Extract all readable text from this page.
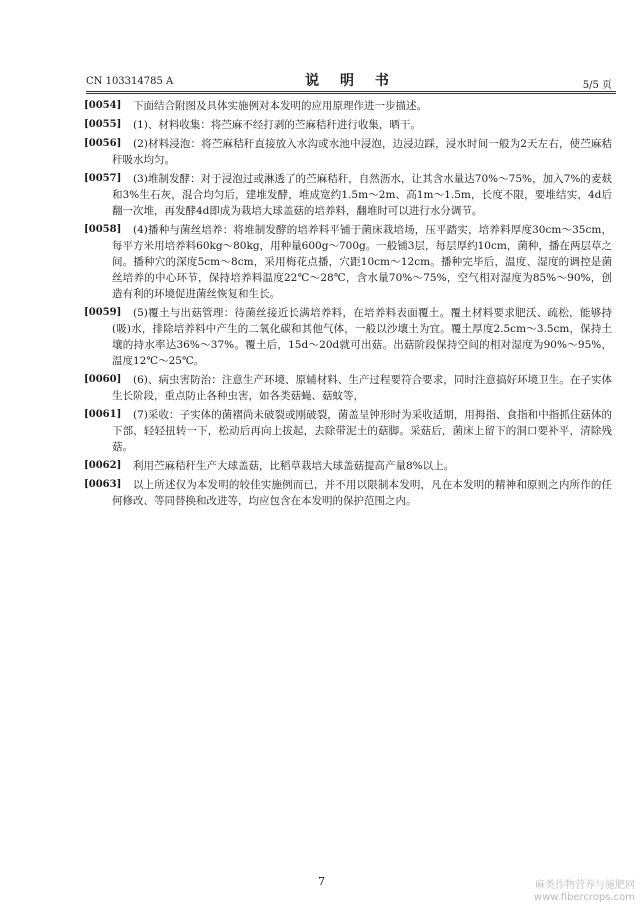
CN 103314785 A	说 明 书	5/5 页
[0054]	下面结合附图及具体实施例对本发明的应用原理作进一步描述。
[0055]	(1)、材料收集：将苎麻不经打剥的苎麻秸秆进行收集，晒干。
[0056]	(2)材料浸泡：将苎麻秸秆直接放入水沟或水池中浸泡，边浸边踩，浸水时间一般为2天左右，使苎麻秸秆吸水均匀。
[0057]	(3)堆制发酵：对于浸泡过或淋透了的苎麻秸秆，自然沥水，让其含水量达70%～75%，加入7%的麦麸和3%生石灰，混合均匀后，建堆发酵，堆成宽约1.5m～2m、高1m～1.5m，长度不限，要堆结实，4d后翻一次堆，再发酵4d即成为栽培大球盖菇的培养料，翻堆时可以进行水分调节。
[0058]	(4)播种与菌丝培养：将堆制发酵的培养料平铺于菌床栽培场，压平踏实，培养料厚度30cm～35cm，每平方米用培养料60kg～80kg，用种量600g～700g。一般铺3层，每层厚约10cm，菌种，播在两层草之间。播种穴的深度5cm～8cm，采用梅花点播，穴距10cm～12cm。播种完毕后，温度、湿度的调控是菌丝培养的中心环节，保持培养料温度22℃～28℃，含水量70%～75%，空气相对湿度为85%～90%，创造有利的环境促进菌丝恢复和生长。
[0059]	(5)覆土与出菇管理：待菌丝接近长满培养料，在培养料表面覆土。覆土材料要求肥沃、疏松，能够持(吸)水，排除培养料中产生的二氧化碳和其他气体，一般以沙壤土为宜。覆土厚度2.5cm～3.5cm，保持土壤的持水率达36%～37%。覆土后，15d～20d就可出菇。出菇阶段保持空间的相对湿度为90%～95%，温度12℃～25℃。
[0060]	(6)、病虫害防治：注意生产环境、原辅材料、生产过程要符合要求，同时注意搞好环境卫生。在子实体生长阶段，重点防止各种虫害，如各类菇蝇、菇蚊等，
[0061]	(7)采收：子实体的菌褶尚未破裂或刚破裂，菌盖呈钟形时为采收适期，用拇指、食指和中指抓住菇体的下部，轻轻扭转一下，松动后再向上拔起，去除带泥土的菇脚。采菇后，菌床上留下的洞口要补平，清除残菇。
[0062]	利用苎麻秸秆生产大球盖菇，比稻草栽培大球盖菇提高产量8%以上。
[0063]	以上所述仅为本发明的较佳实施例而已，并不用以限制本发明，凡在本发明的精神和原则之内所作的任何修改、等同替换和改进等，均应包含在本发明的保护范围之内。
7	麻类作物营养与施肥网
www.fibercrops.com
